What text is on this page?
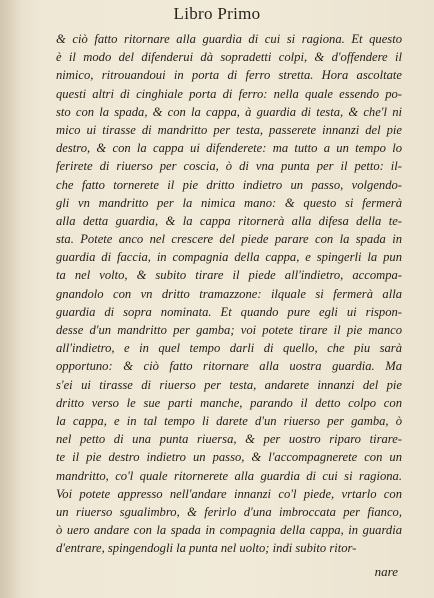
Libro Primo
& ciò fatto ritornare alla guardia di cui si ragiona. Et questo
è il modo del difenderui dà sopradetti colpi, & d'offendere il
nimico, ritrouandoui in porta di ferro stretta. Hora ascoltate
questi altri di cinghiale porta di ferro: nella quale essendo po-
sto con la spada, & con la cappa, à guardia di testa, & che'l ni
mico ui tirasse di mandritto per testa, passerete innanzi del pie
destro, & con la cappa ui difenderete: ma tutto a un tempo lo
ferirete di riuerso per coscia, ò di vna punta per il petto: il-
che fatto tornerete il pie dritto indietro un passo, volgendo-
gli vn mandritto per la nimica mano: & questo si fermerà
alla detta guardia, & la cappa ritornerà alla difesa della te-
sta. Potete anco nel crescere del piede parare con la spada in
guardia di faccia, in compagnia della cappa, e spingerli la pun
ta nel volto, & subito tirare il piede all'indietro, accompa-
gnandolo con vn dritto tramazzone: ilquale si fermerà alla
guardia di sopra nominata. Et quando pure egli ui rispon-
desse d'un mandritto per gamba; voi potete tirare il pie manco
all'indietro, e in quel tempo darli di quello, che piu sarà
opportuno: & ciò fatto ritornare alla uostra guardia. Ma
s'ei ui tirasse di riuerso per testa, andarete innanzi del pie
dritto verso le sue parti manche, parando il detto colpo con
la cappa, e in tal tempo li darete d'un riuerso per gamba, ò
nel petto di una punta riuersa, & per uostro riparo tirare-
te il pie destro indietro un passo, & l'accompagnerete con un
mandritto, co'l quale ritornerete alla guardia di cui si ragiona.
Voi potete appresso nell'andare innanzi co'l piede, vrtarlo con
un riuerso sgualimbro, & ferirlo d'una imbroccata per fianco,
ò uero andare con la spada in compagnia della cappa, in guardia
d'entrare, spingendogli la punta nel uolto; indi subito ritor-
nare
